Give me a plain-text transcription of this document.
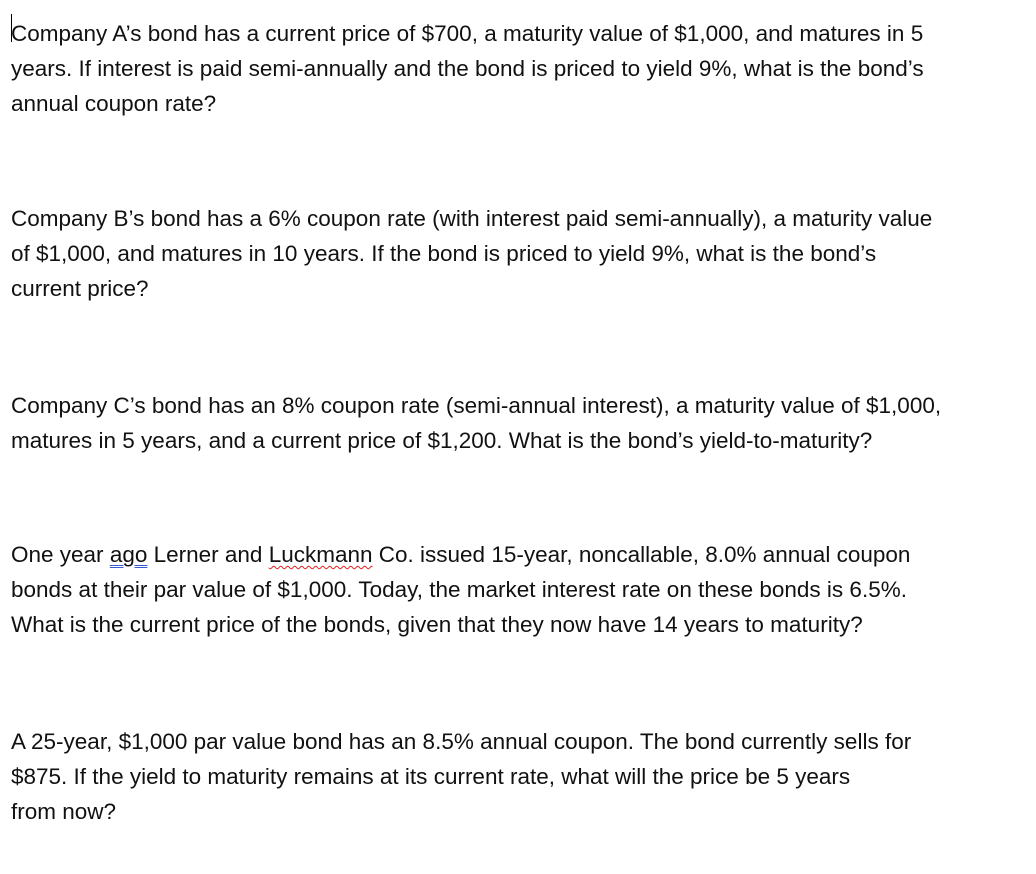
Company A’s bond has a current price of $700, a maturity value of $1,000, and matures in 5
years. If interest is paid semi-annually and the bond is priced to yield 9%, what is the bond’s
annual coupon rate?
Company B’s bond has a 6% coupon rate (with interest paid semi-annually), a maturity value
of $1,000, and matures in 10 years. If the bond is priced to yield 9%, what is the bond’s
current price?
Company C’s bond has an 8% coupon rate (semi-annual interest), a maturity value of $1,000,
matures in 5 years, and a current price of $1,200. What is the bond’s yield-to-maturity?
One year ago Lerner and Luckmann Co. issued 15-year, noncallable, 8.0% annual coupon
bonds at their par value of $1,000. Today, the market interest rate on these bonds is 6.5%.
What is the current price of the bonds, given that they now have 14 years to maturity?
A 25-year, $1,000 par value bond has an 8.5% annual coupon. The bond currently sells for
$875. If the yield to maturity remains at its current rate, what will the price be 5 years
from now?
